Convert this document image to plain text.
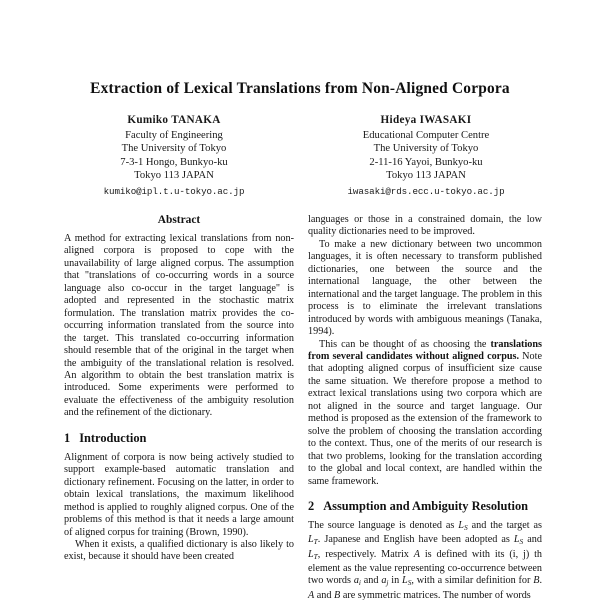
Extraction of Lexical Translations from Non-Aligned Corpora
Kumiko TANAKA
Faculty of Engineering
The University of Tokyo
7-3-1 Hongo, Bunkyo-ku
Tokyo 113 JAPAN
kumiko@ipl.t.u-tokyo.ac.jp
Hideya IWASAKI
Educational Computer Centre
The University of Tokyo
2-11-16 Yayoi, Bunkyo-ku
Tokyo 113 JAPAN
iwasaki@rds.ecc.u-tokyo.ac.jp
Abstract

A method for extracting lexical translations from non-aligned corpora is proposed to cope with the unavailability of large aligned corpus. The assumption that "translations of co-occurring words in a source language also co-occur in the target language" is adopted and represented in the stochastic matrix formulation. The translation matrix provides the co-occurring information translated from the source into the target. This translated co-occurring information should resemble that of the original in the target when the ambiguity of the translational relation is resolved. An algorithm to obtain the best translation matrix is introduced. Some experiments were performed to evaluate the effectiveness of the ambiguity resolution and the refinement of the dictionary.

1 Introduction

Alignment of corpora is now being actively studied to support example-based automatic translation and dictionary refinement. Focusing on the latter, in order to obtain lexical translations, the maximum likelihood method is applied to roughly aligned corpus. One of the problems of this method is that it needs a large amount of aligned corpus for training (Brown, 1990).

When it exists, a qualified dictionary is also likely to exist, because it should have been created

languages or those in a constrained domain, the low quality dictionaries need to be improved.

To make a new dictionary between two uncommon languages, it is often necessary to transform published dictionaries, one between the source and the international language, the other between the international and the target language. The problem in this process is to eliminate the irrelevant translations introduced by words with ambiguous meanings (Tanaka, 1994).

This can be thought of as choosing the translations from several candidates without aligned corpus. Note that adopting aligned corpus of insufficient size cause the same situation. We therefore propose a method to extract lexical translations using two corpora which are not aligned in the source and target language. Our method is proposed as the extension of the framework to solve the problem of choosing the translation according to the context. Thus, one of the merits of our research is that two problems, looking for the translation according to the global and local context, are handled within the same framework.

2 Assumption and Ambiguity Resolution

The source language is denoted as $L_S$ and the target as $L_T$. Japanese and English have been adopted as $L_S$ and $L_T$, respectively. Matrix A is defined with its (i, j) th element as the value representing co-occurrence between two words $a_i$ and $a_j$ in $L_S$, with a similar definition for B. A and B are symmetric matrices. The number of words
